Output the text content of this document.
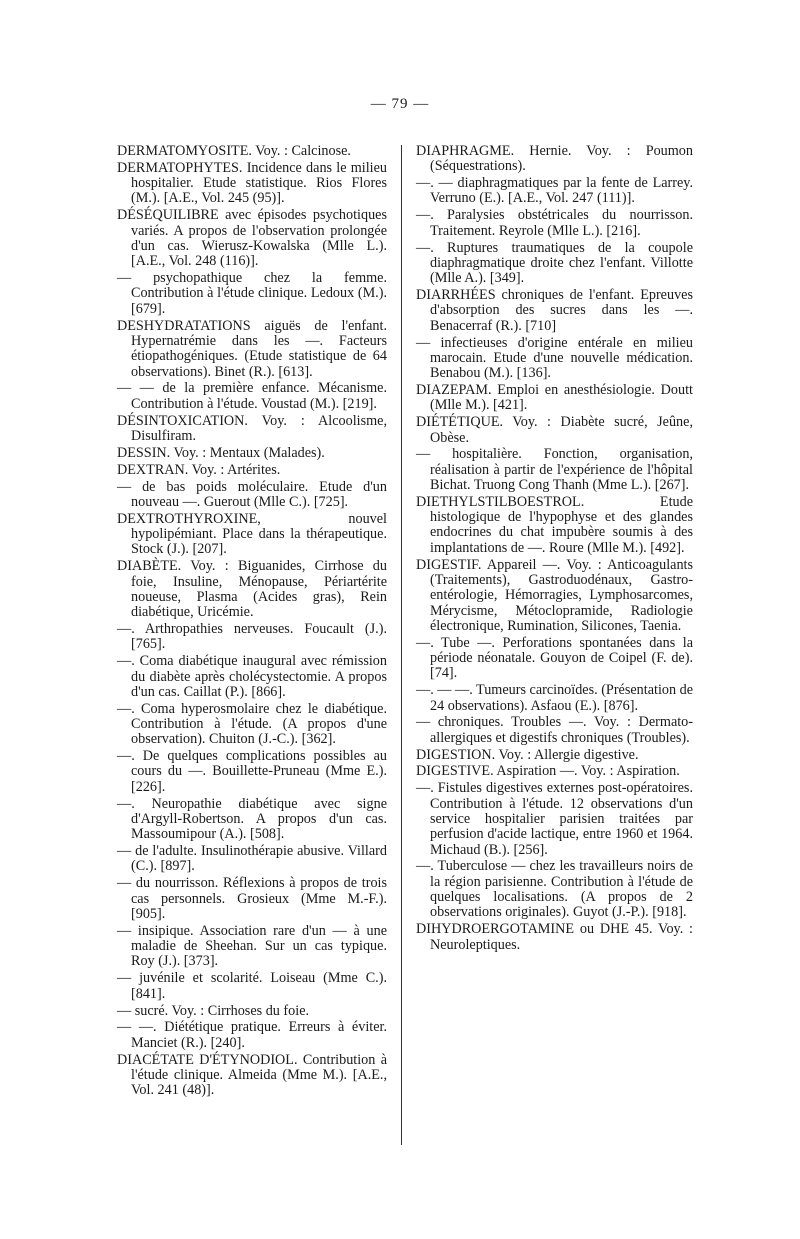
— 79 —

DERMATOMYOSITE. Voy. : Calcinose.

DERMATOPHYTES. Incidence dans le milieu hospitalier. Etude statistique. Rios Flores (M.). [A.E., Vol. 245 (95)].

DÉSÉQUILIBRE avec épisodes psychotiques variés. A propos de l'observation prolongée d'un cas. Wierusz-Kowalska (Mlle L.). [A.E., Vol. 248 (116)].

— psychopathique chez la femme. Contribution à l'étude clinique. Ledoux (M.). [679].

DESHYDRATATIONS aiguës de l'enfant. Hypernatrémie dans les —. Facteurs étiopathogéniques. (Etude statistique de 64 observations). Binet (R.). [613].

— — de la première enfance. Mécanisme. Contribution à l'étude. Voustad (M.). [219].

DÉSINTOXICATION. Voy. : Alcoolisme, Disulfiram.

DESSIN. Voy. : Mentaux (Malades).

DEXTRAN. Voy. : Artérites.

— de bas poids moléculaire. Etude d'un nouveau —. Guerout (Mlle C.). [725].

DEXTROTHYROXINE, nouvel hypolipémiant. Place dans la thérapeutique. Stock (J.). [207].

DIABÈTE. Voy. : Biguanides, Cirrhose du foie, Insuline, Ménopause, Périartérite noueuse, Plasma (Acides gras), Rein diabétique, Uricémie.

—. Arthropathies nerveuses. Foucault (J.). [765].

—. Coma diabétique inaugural avec rémission du diabète après cholécystectomie. A propos d'un cas. Caillat (P.). [866].

—. Coma hyperosmolaire chez le diabétique. Contribution à l'étude. (A propos d'une observation). Chuiton (J.-C.). [362].

—. De quelques complications possibles au cours du —. Bouillette-Pruneau (Mme E.). [226].

—. Neuropathie diabétique avec signe d'Argyll-Robertson. A propos d'un cas. Massoumipour (A.). [508].

— de l'adulte. Insulinothérapie abusive. Villard (C.). [897].

— du nourrisson. Réflexions à propos de trois cas personnels. Grosieux (Mme M.-F.). [905].

— insipique. Association rare d'un — à une maladie de Sheehan. Sur un cas typique. Roy (J.). [373].

— juvénile et scolarité. Loiseau (Mme C.). [841].

— sucré. Voy. : Cirrhoses du foie.

— —. Diététique pratique. Erreurs à éviter. Manciet (R.). [240].

DIACÉTATE D'ÉTYNODIOL. Contribution à l'étude clinique. Almeida (Mme M.). [A.E., Vol. 241 (48)].

DIAPHRAGME. Hernie. Voy. : Poumon (Séquestrations).

—. — diaphragmatiques par la fente de Larrey. Verruno (E.). [A.E., Vol. 247 (111)].

—. Paralysies obstétricales du nourrisson. Traitement. Reyrole (Mlle L.). [216].

—. Ruptures traumatiques de la coupole diaphragmatique droite chez l'enfant. Villotte (Mlle A.). [349].

DIARRHÉES chroniques de l'enfant. Epreuves d'absorption des sucres dans les —. Benacerraf (R.). [710]

— infectieuses d'origine entérale en milieu marocain. Etude d'une nouvelle médication. Benabou (M.). [136].

DIAZEPAM. Emploi en anesthésiologie. Doutt (Mlle M.). [421].

DIÉTÉTIQUE. Voy. : Diabète sucré, Jeûne, Obèse.

— hospitalière. Fonction, organisation, réalisation à partir de l'expérience de l'hôpital Bichat. Truong Cong Thanh (Mme L.). [267].

DIETHYLSTILBOESTROL. Etude histologique de l'hypophyse et des glandes endocrines du chat impubère soumis à des implantations de —. Roure (Mlle M.). [492].

DIGESTIF. Appareil —. Voy. : Anticoagulants (Traitements), Gastroduodénaux, Gastro-entérologie, Hémorragies, Lymphosarcomes, Mérycisme, Métoclopramide, Radiologie électronique, Rumination, Silicones, Taenia.

—. Tube —. Perforations spontanées dans la période néonatale. Gouyon de Coipel (F. de). [74].

—. — —. Tumeurs carcinoïdes. (Présentation de 24 observations). Asfaou (E.). [876].

— chroniques. Troubles —. Voy. : Dermato-allergiques et digestifs chroniques (Troubles).

DIGESTION. Voy. : Allergie digestive.

DIGESTIVE. Aspiration —. Voy. : Aspiration.

—. Fistules digestives externes post-opératoires. Contribution à l'étude. 12 observations d'un service hospitalier parisien traitées par perfusion d'acide lactique, entre 1960 et 1964. Michaud (B.). [256].

—. Tuberculose — chez les travailleurs noirs de la région parisienne. Contribution à l'étude de quelques localisations. (A propos de 2 observations originales). Guyot (J.-P.). [918].

DIHYDROERGOTAMINE ou DHE 45. Voy. : Neuroleptiques.
